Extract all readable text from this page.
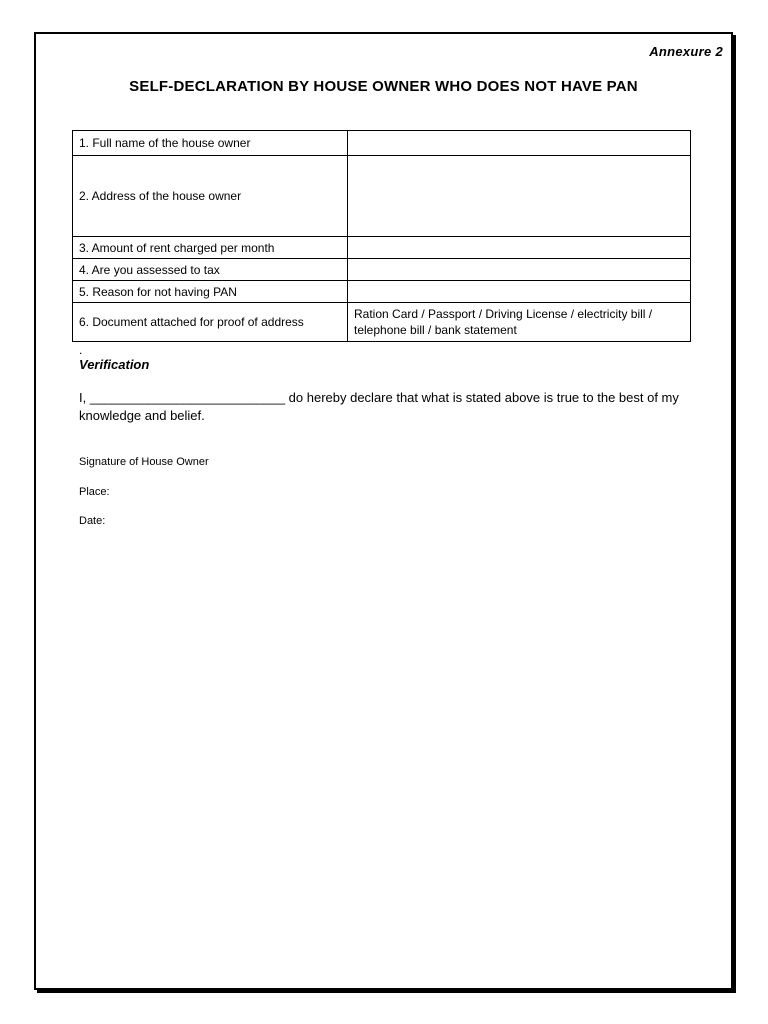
Annexure 2
SELF-DECLARATION BY HOUSE OWNER WHO DOES NOT HAVE PAN
1. Full name of the house owner	
2. Address of the house owner	
3. Amount of rent charged per month	
4. Are you assessed to tax	
5. Reason for not having PAN	
6. Document attached for proof of address	Ration Card / Passport / Driving License / electricity bill / telephone bill / bank statement
.
Verification
I, ___________________________ do hereby declare that what is stated above is true to the best of my knowledge and belief.
Signature of House Owner
Place:
Date:
